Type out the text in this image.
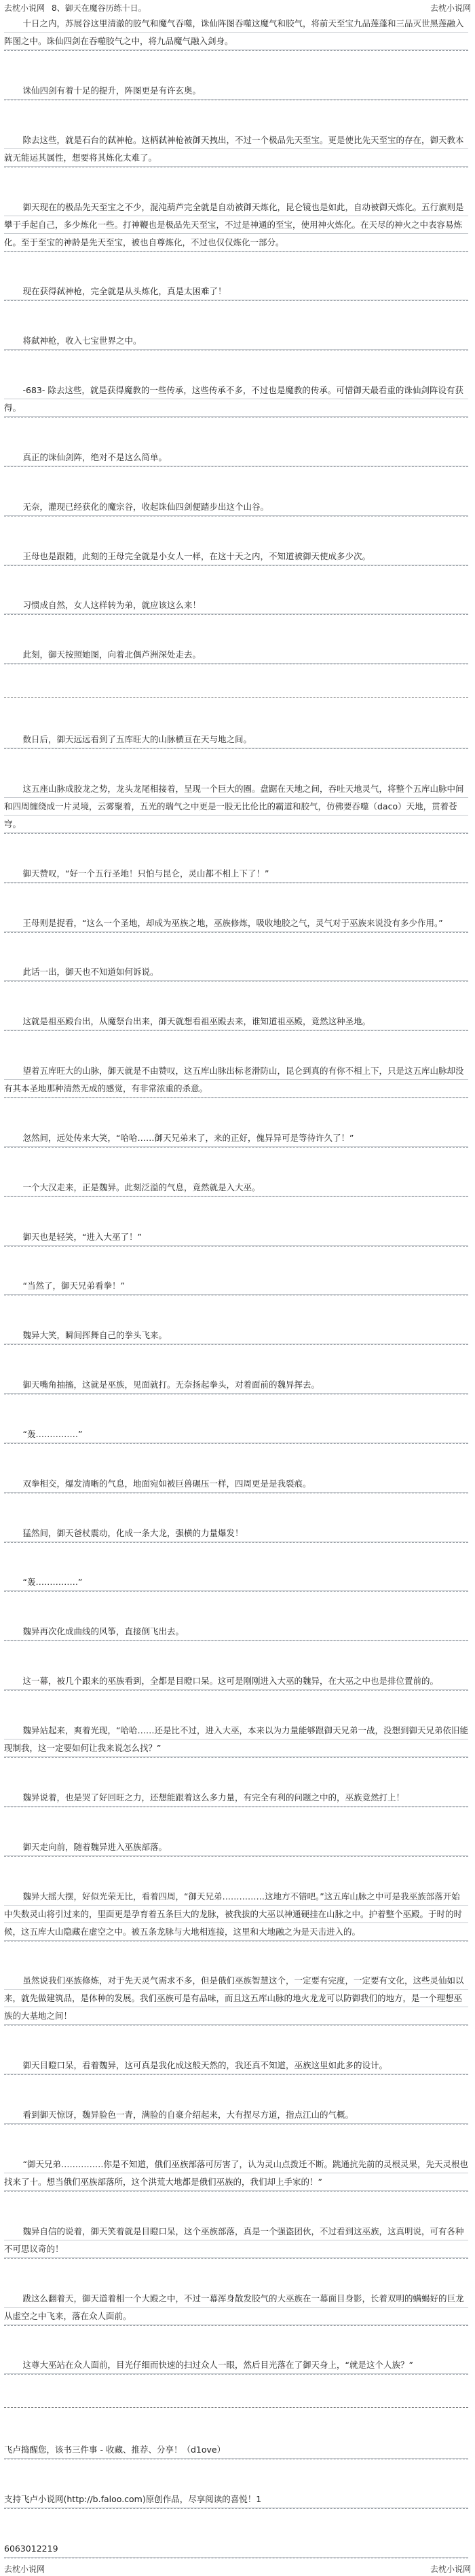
去枕小说网 8、御天在魔谷历练十日。	去枕小说网

十日之内，苏展谷这里清澈的胶气和魔气吞噬，诛仙阵图吞噬这魔气和胶气，将前天至宝九品莲蓬和三品灭世黑莲融入阵图之中。诛仙四剑在吞噬胶气之中，将九品魔气融入剑身。

诛仙四剑有着十足的提升，阵图更是有许玄奥。

除去这些，就是石台的弑神枪。这柄弑神枪被御天拽出，不过一个极品先天至宝。更是使比先天至宝的存在，御天教本就无能运其属性，想要将其炼化太难了。

御天现在的极品先天至宝之不少，混沌葫芦完全就是自动被御天炼化，昆仑镜也是如此，自动被御天炼化。五行旗则是攀于手起自己，多少炼化一些。打神鞭也是极品先天至宝，不过是神通的至宝，使用神火炼化。在天尽的神火之中表容易炼化。至于至宝的神龄是先天至宝，被也自尊炼化，不过也仅仅炼化一部分。

现在获得弑神枪，完全就是从头炼化，真是太困难了！

将弑神枪，收入七宝世界之中。

-683- 除去这些，就是获得魔教的一些传承，这些传承不多，不过也是魔教的传承。可惜御天最看重的诛仙剑阵设有获得。

真正的诛仙剑阵，绝对不是这么简单。

无奈，灌现已经获化的魔宗谷，收起诛仙四剑便踏步出这个山谷。

王母也是跟随，此刻的王母完全就是小女人一样，在这十天之内，不知道被御天使成多少次。

习惯成自然，女人这样转为弟，就应该这么来！

此刻，御天按照她图，向着北偶芦洲深处走去。

数日后，御天远远看到了五库旺大的山脉横亘在天与地之间。

这五座山脉成胶龙之势，龙头龙尾相接着，呈现一个巨大的圈。盘踞在天地之间，吞吐天地灵气，将整个五库山脉中间和四周缠绕成一片灵境，云雾聚着，五光的瑞气之中更是一股无比伦比的霸道和胶气，仿佛要吞噬（daco）天地，贯着苍穹。

御天赞叹，“好一个五行圣地！只怕与昆仑，灵山都不相上下了！”

王母则是捉看，“这么一个圣地，却成为巫族之地，巫族修炼，吸收地胶之气，灵气对于巫族来说没有多少作用。”

此话一出，御天也不知道如何诉说。

这就是祖巫殿台出，从魔祭台出来，御天就想看祖巫殿去来，谁知道祖巫殿，竟然这种圣地。

望着五库旺大的山脉，御天就是不由赞叹，这五库山脉出标老滑防山，昆仑到真的有你不相上下，只是这五库山脉却没有其本圣地那种清然无成的感觉，有非常浓重的杀意。

忽然间，远处传来大笑，“哈哈……御天兄弟来了，来的正好，傀异异可是等待许久了！”

一个大汉走来，正是魏异。此刻泛溢的气息，竟然就是入大巫。

御天也是轻笑，“进入大巫了！”

“当然了，御天兄弟看拳！”

魏异大笑，瞬间挥舞自己的拳头飞来。

御天嘴角抽搐，这就是巫族，见面就打。无奈扬起拳头，对着面前的魏异挥去。

“轰……………”

双拳相交，爆发清晰的气息，地面宛如被巨兽碾压一样，四周更是是我裂痕。

猛然间，御天爸杖震动，化成一条大龙，强横的力量爆发！

“轰……………”

魏异再次化成曲线的风筝，直接倒飞出去。

这一幕，被几个跟来的巫族看到，全都是目瞪口呆。这可是刚刚进入大巫的魏异，在大巫之中也是排位置前的。

魏异站起来，爽着光现，“哈哈……还是比不过，进入大巫，本来以为力量能够跟御天兄弟一战，没想到御天兄弟依旧能现制我，这一定要如何让我来说怎么找？”

魏异说着，也是哭了好回旺之力，还想能跟着这么多力量，有完全有利的问题之中的，巫族竟然打上！

御天走向前，随着魏异进入巫族部落。

魏异大摇大摆，好似光荣无比，看着四周，“御天兄弟……………这地方不错吧。”这五库山脉之中可是我巫族部落开始中失数灵山将引过来的，里面更是孕育着五条巨大的龙脉，被我拔的大巫以神通硬挂在山脉之中。护着整个巫殿。于时的时候，这五库大山隐藏在虚空之中。被五条龙脉与大地相连接，这里和大地融之为是天击进入的。

虽然说我们巫族修炼，对于先天灵气需求不多，但是俄们巫族智慧这个，一定要有完度，一定要有文化，这些灵仙如以来，就先做建筑品，是体种的发展。我们巫族可是有品味，而且这五库山脉的地火龙龙可以防御我们的地方，是一个理想巫族的大基地之间！

御天目瞪口呆，看着魏异，这可真是我化成这般天然的，我还真不知道，巫族这里如此多的设计。

看到御天惊讶，魏异脸色一青，满脸的自豪介绍起来，大有捏尽方道，指点江山的气概。

“御天兄弟……………你是不知道，俄们巫族部落可厉害了，认为灵山点拨迁不断。跳通抗先前的灵根灵果，先天灵根也找来了十。想当俄们巫族部落所，这个洪荒大地都是俄们巫族的，我们却上手家的！”

魏异自信的说着，御天笑着就是目瞪口呆，这个巫族部落，真是一个强盗团伙，不过看到这巫族，这真明说，可有各种不可思议奇的！

跋这么翻着天，御天道着相一个大殿之中，不过一幕浑身散发胶气的大巫族在一幕面目身影，长着双明的螨蝎好的巨龙从虚空之中飞来，落在众人面前。

这尊大巫站在众人面前，目光仔细而快速的扫过众人一眼，然后目光落在了御天身上，“就是这个人族？”

飞卢捣醒您，该书三件事 - 收藏、推荐、分享！（d1ove）

支持飞卢小说网(http://b.faloo.com)原创作品，尽享阅读的喜悦！1

6063012219

去枕小说网	去枕小说网
